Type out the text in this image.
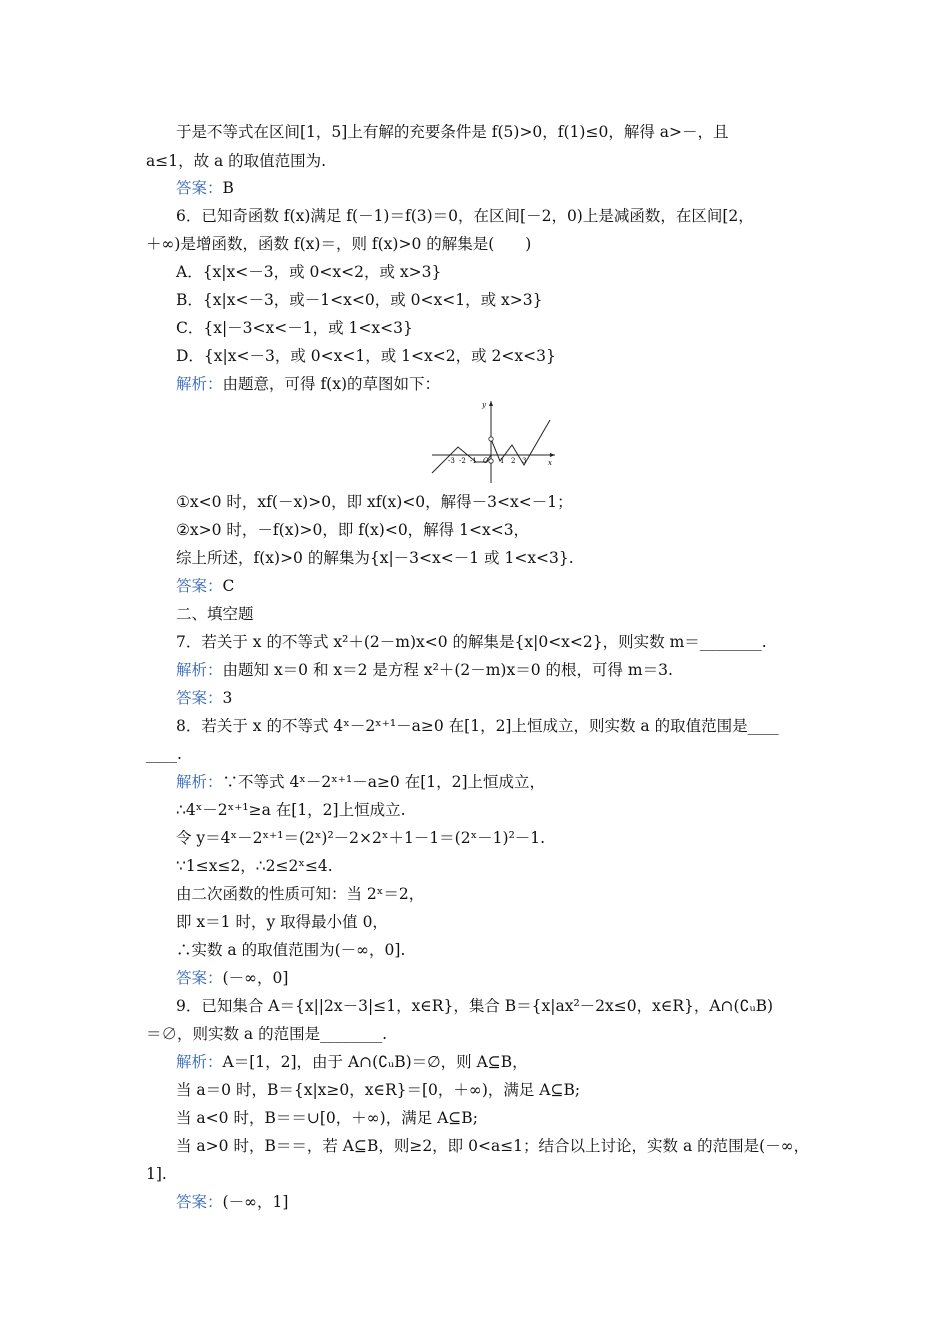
于是不等式在区间[1，5]上有解的充要条件是 f(5)>0，f(1)≤0，解得 a>－，且
a≤1，故 a 的取值范围为.
答案：B
6．已知奇函数 f(x)满足 f(－1)＝f(3)＝0，在区间[－2，0)上是减函数，在区间[2，
＋∞)是增函数，函数 f(x)＝，则 f(x)>0 的解集是(　　)
A．{x|x<－3，或 0<x<2，或 x>3}
B．{x|x<－3，或－1<x<0，或 0<x<1，或 x>3}
C．{x|－3<x<－1，或 1<x<3}
D．{x|x<－3，或 0<x<1，或 1<x<2，或 2<x<3}
解析：由题意，可得 f(x)的草图如下：
y
x
-3 -2 -1 O 1 2 3
①x<0 时，xf(－x)>0，即 xf(x)<0，解得－3<x<－1；
②x>0 时，－f(x)>0，即 f(x)<0，解得 1<x<3，
综上所述，f(x)>0 的解集为{x|－3<x<－1 或 1<x<3}.
答案：C
二、填空题
7．若关于 x 的不等式 x²＋(2－m)x<0 的解集是{x|0<x<2}，则实数 m＝________.
解析：由题知 x＝0 和 x＝2 是方程 x²＋(2－m)x＝0 的根，可得 m＝3.
答案：3
8．若关于 x 的不等式 4ˣ－2ˣ⁺¹－a≥0 在[1，2]上恒成立，则实数 a 的取值范围是____
____.
解析：∵不等式 4ˣ－2ˣ⁺¹－a≥0 在[1，2]上恒成立，
∴4ˣ－2ˣ⁺¹≥a 在[1，2]上恒成立.
令 y＝4ˣ－2ˣ⁺¹＝(2ˣ)²－2×2ˣ＋1－1＝(2ˣ－1)²－1.
∵1≤x≤2，∴2≤2ˣ≤4.
由二次函数的性质可知：当 2ˣ＝2，
即 x＝1 时，y 取得最小值 0，
∴实数 a 的取值范围为(－∞，0].
答案：(－∞，0]
9．已知集合 A＝{x||2x－3|≤1，x∈R}，集合 B＝{x|ax²－2x≤0，x∈R}，A∩(∁ᵤB)
＝∅，则实数 a 的范围是________.
解析：A＝[1，2]，由于 A∩(∁ᵤB)＝∅，则 A⊆B，
当 a＝0 时，B＝{x|x≥0，x∈R}＝[0，＋∞)，满足 A⊆B;
当 a<0 时，B＝＝∪[0，＋∞)，满足 A⊆B;
当 a>0 时，B＝＝，若 A⊆B，则≥2，即 0<a≤1；结合以上讨论，实数 a 的范围是(－∞，
1].
答案：(－∞，1]
